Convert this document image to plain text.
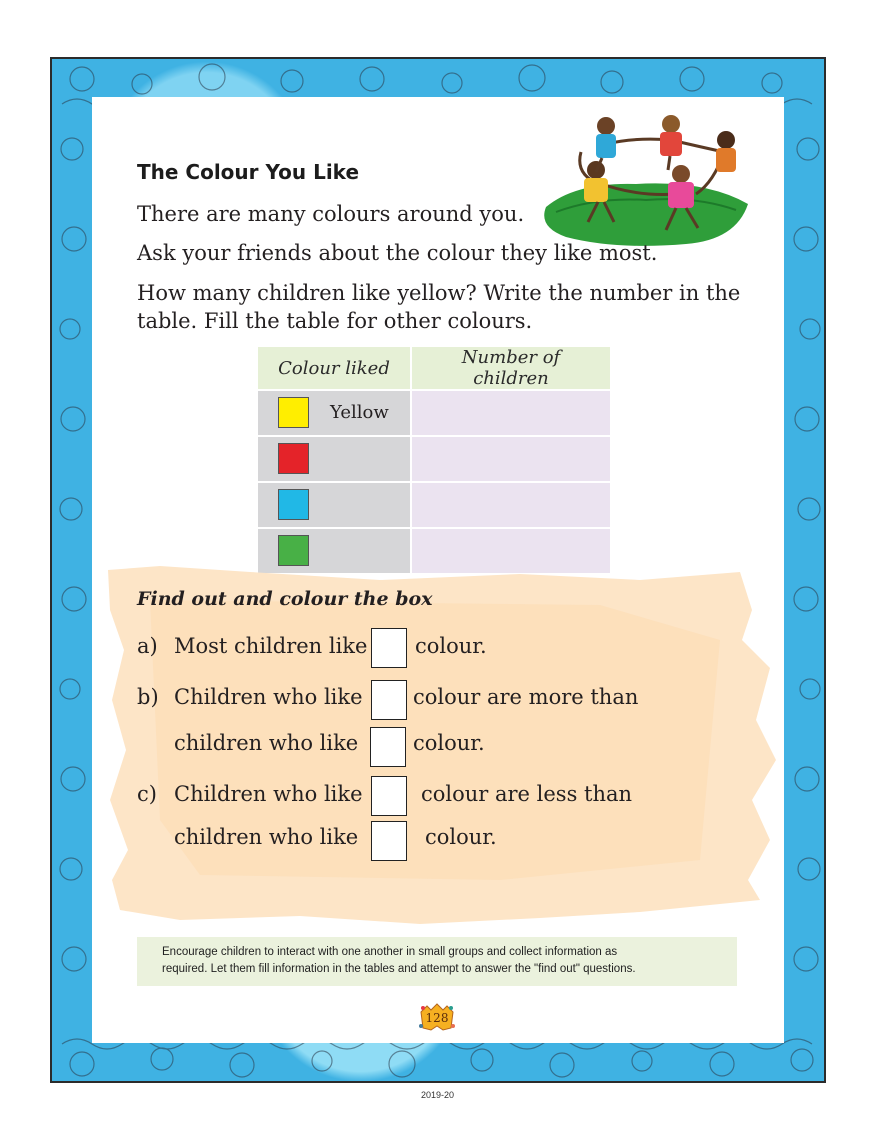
The Colour You Like
There are many colours around you.
Ask your friends about the colour they like most.
How many children like yellow? Write the number in the
table. Fill the table for other colours.
Colour liked	Number of children

Yellow	

Find out and colour the box
a) Most children like colour.
b) Children who like colour are more than
children who like	colour.
c) Children who like	colour are less than
children who like	colour.
Encourage children to interact with one another in small groups and collect information as
required. Let them fill information in the tables and attempt to answer the "find out" questions.
128
2019-20
